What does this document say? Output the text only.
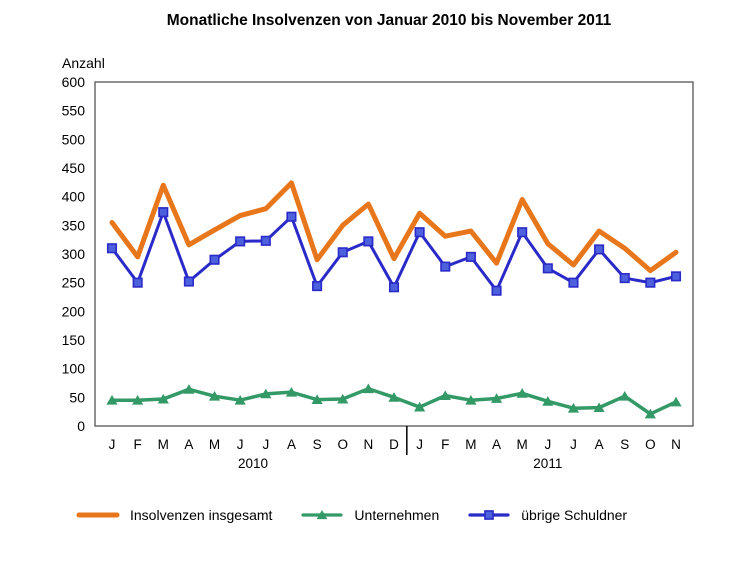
Monatliche Insolvenzen von Januar 2010 bis November 2011
0
50
100
150
200
250
300
350
400
450
500
550
600
Anzahl
J F M A M J J A S O N D J F M A M J J A S O N
2010	2011
Insolvenzen insgesamt	Unternehmen	übrige Schuldner
